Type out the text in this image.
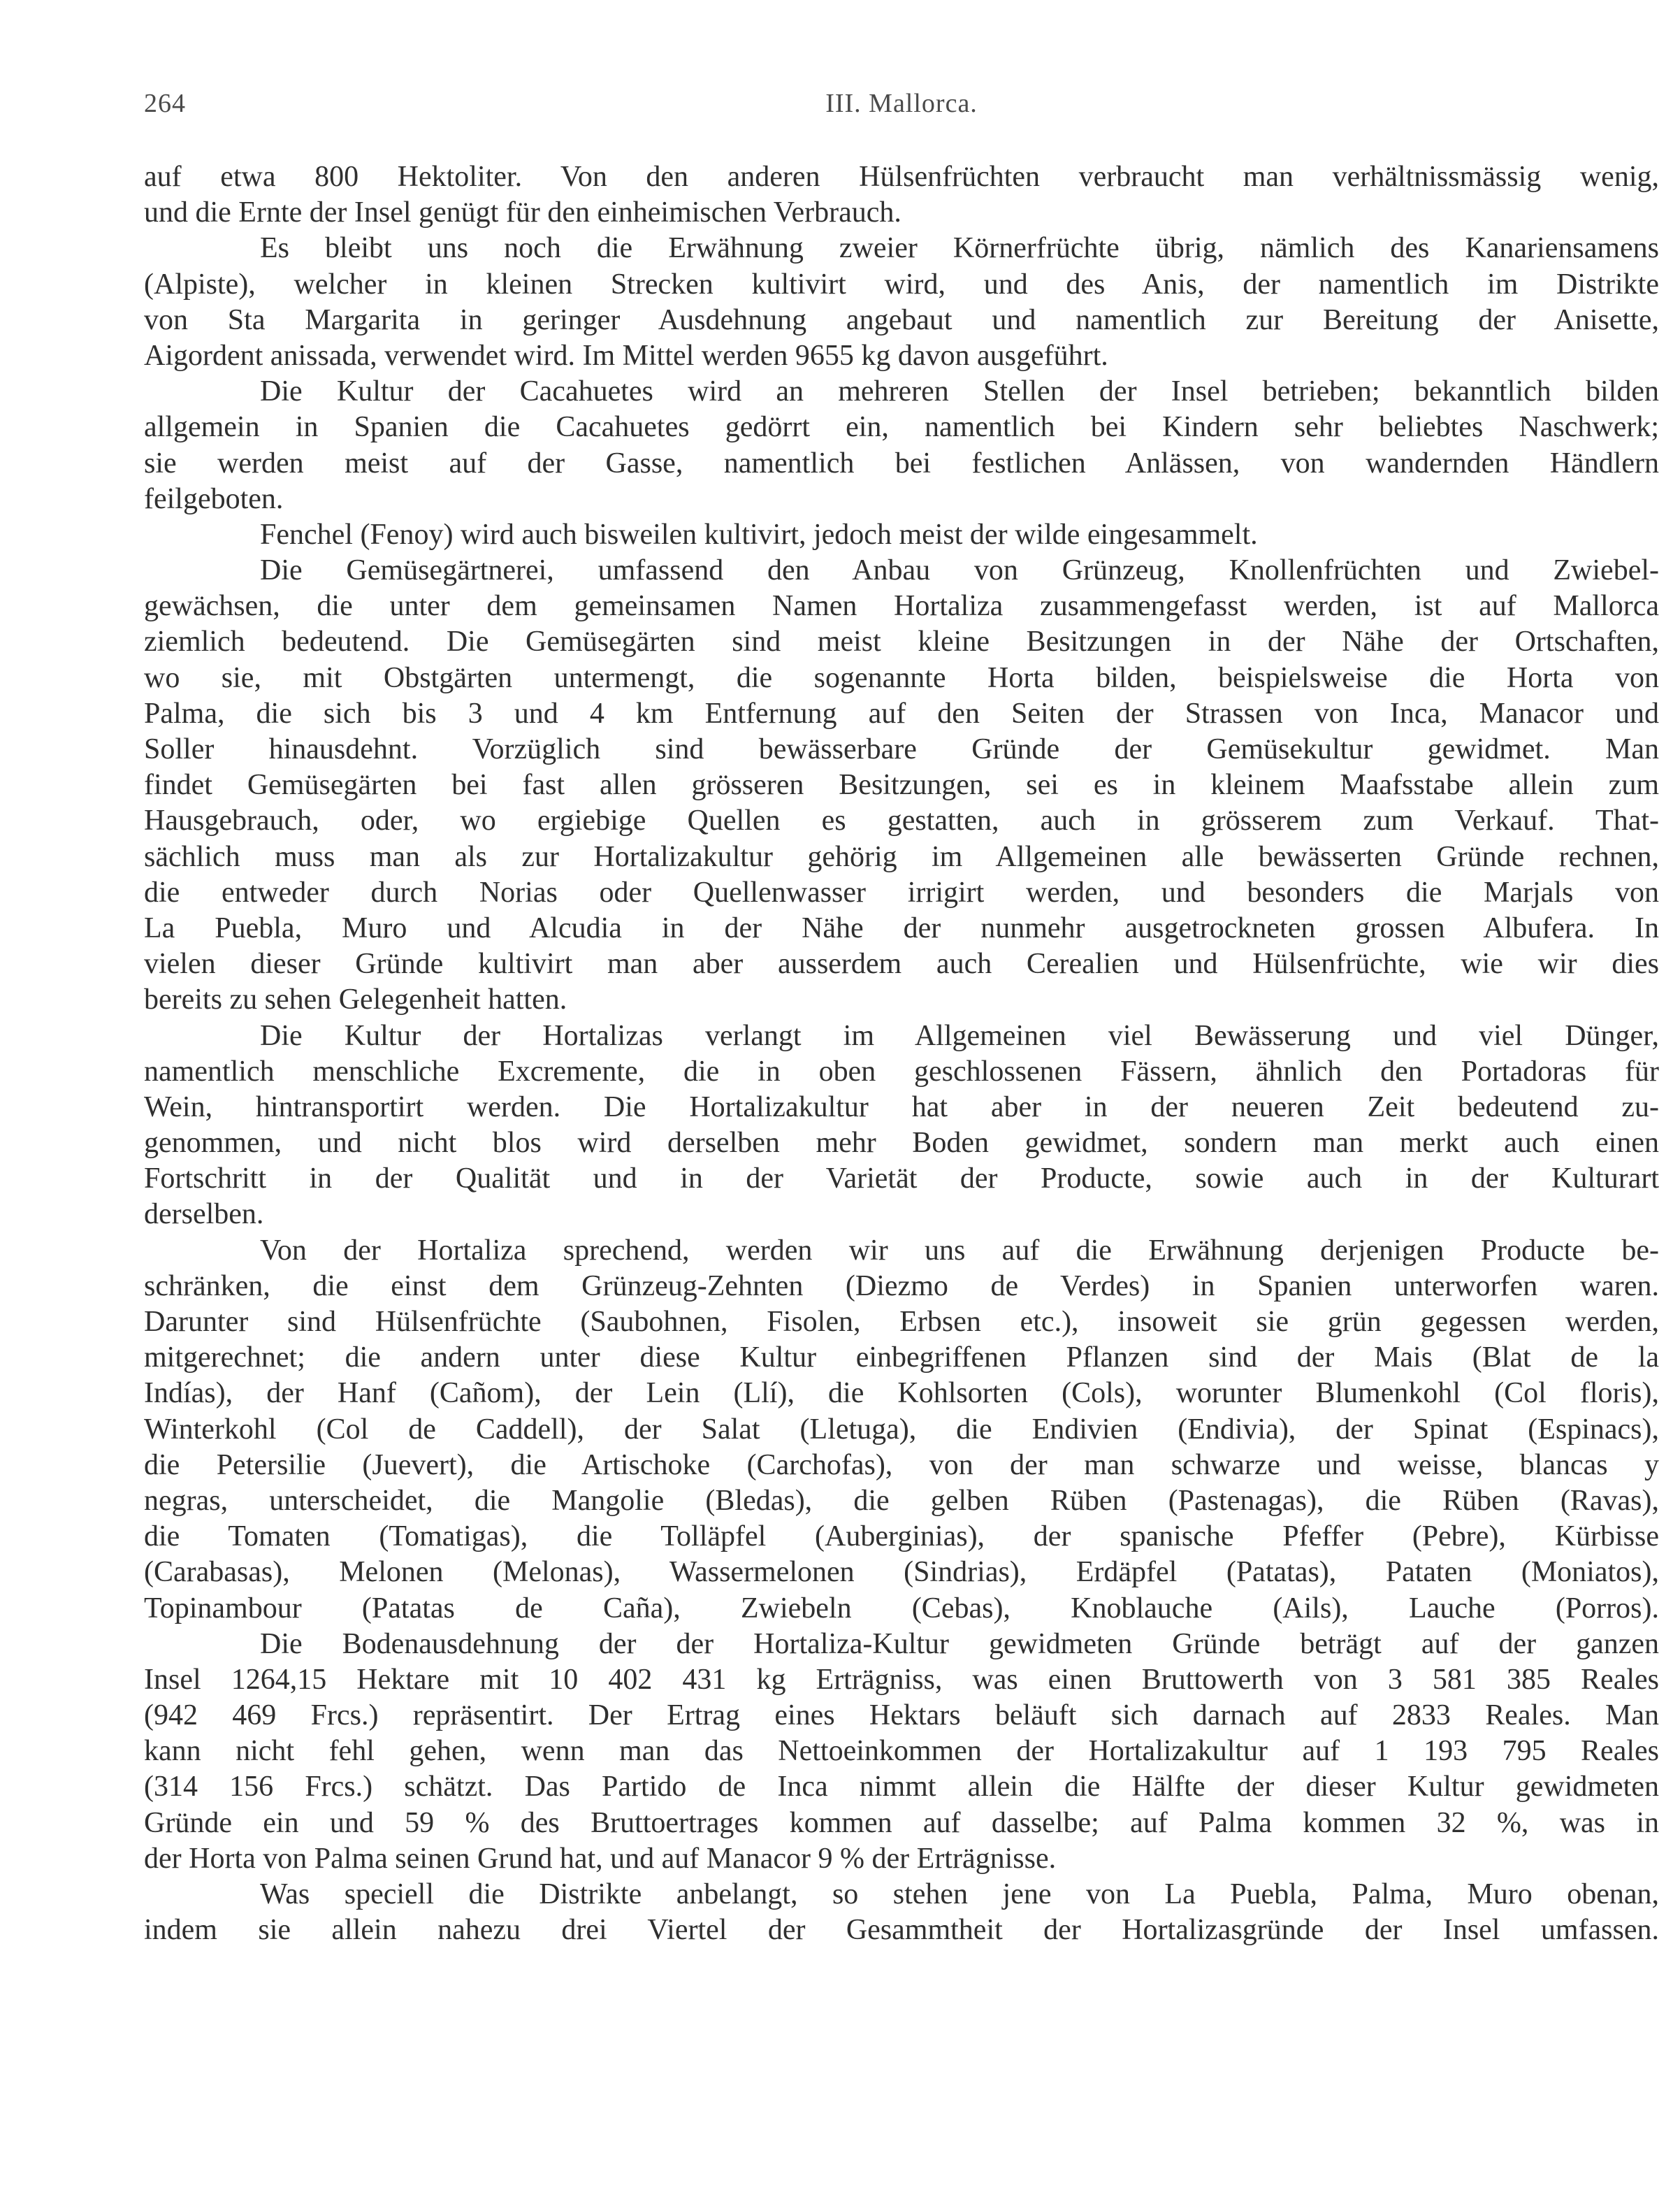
264	III. Mallorca.
auf etwa 800 Hektoliter. Von den anderen Hülsenfrüchten verbraucht man verhältnissmässig wenig,
und die Ernte der Insel genügt für den einheimischen Verbrauch.
Es bleibt uns noch die Erwähnung zweier Körnerfrüchte übrig, nämlich des Kanariensamens
(Alpiste), welcher in kleinen Strecken kultivirt wird, und des Anis, der namentlich im Distrikte
von Sta Margarita in geringer Ausdehnung angebaut und namentlich zur Bereitung der Anisette,
Aigordent anissada, verwendet wird. Im Mittel werden 9655 kg davon ausgeführt.
Die Kultur der Cacahuetes wird an mehreren Stellen der Insel betrieben; bekanntlich bilden
allgemein in Spanien die Cacahuetes gedörrt ein, namentlich bei Kindern sehr beliebtes Naschwerk;
sie werden meist auf der Gasse, namentlich bei festlichen Anlässen, von wandernden Händlern
feilgeboten.
Fenchel (Fenoy) wird auch bisweilen kultivirt, jedoch meist der wilde eingesammelt.
Die Gemüsegärtnerei, umfassend den Anbau von Grünzeug, Knollenfrüchten und Zwiebel-
gewächsen, die unter dem gemeinsamen Namen Hortaliza zusammengefasst werden, ist auf Mallorca
ziemlich bedeutend. Die Gemüsegärten sind meist kleine Besitzungen in der Nähe der Ortschaften,
wo sie, mit Obstgärten untermengt, die sogenannte Horta bilden, beispielsweise die Horta von
Palma, die sich bis 3 und 4 km Entfernung auf den Seiten der Strassen von Inca, Manacor und
Soller hinausdehnt. Vorzüglich sind bewässerbare Gründe der Gemüsekultur gewidmet. Man
findet Gemüsegärten bei fast allen grösseren Besitzungen, sei es in kleinem Maafsstabe allein zum
Hausgebrauch, oder, wo ergiebige Quellen es gestatten, auch in grösserem zum Verkauf. That-
sächlich muss man als zur Hortalizakultur gehörig im Allgemeinen alle bewässerten Gründe rechnen,
die entweder durch Norias oder Quellenwasser irrigirt werden, und besonders die Marjals von
La Puebla, Muro und Alcudia in der Nähe der nunmehr ausgetrockneten grossen Albufera. In
vielen dieser Gründe kultivirt man aber ausserdem auch Cerealien und Hülsenfrüchte, wie wir dies
bereits zu sehen Gelegenheit hatten.
Die Kultur der Hortalizas verlangt im Allgemeinen viel Bewässerung und viel Dünger,
namentlich menschliche Excremente, die in oben geschlossenen Fässern, ähnlich den Portadoras für
Wein, hintransportirt werden. Die Hortalizakultur hat aber in der neueren Zeit bedeutend zu-
genommen, und nicht blos wird derselben mehr Boden gewidmet, sondern man merkt auch einen
Fortschritt in der Qualität und in der Varietät der Producte, sowie auch in der Kulturart
derselben.
Von der Hortaliza sprechend, werden wir uns auf die Erwähnung derjenigen Producte be-
schränken, die einst dem Grünzeug-Zehnten (Diezmo de Verdes) in Spanien unterworfen waren.
Darunter sind Hülsenfrüchte (Saubohnen, Fisolen, Erbsen etc.), insoweit sie grün gegessen werden,
mitgerechnet; die andern unter diese Kultur einbegriffenen Pflanzen sind der Mais (Blat de la
Indías), der Hanf (Cañom), der Lein (Llí), die Kohlsorten (Cols), worunter Blumenkohl (Col floris),
Winterkohl (Col de Caddell), der Salat (Lletuga), die Endivien (Endivia), der Spinat (Espinacs),
die Petersilie (Juevert), die Artischoke (Carchofas), von der man schwarze und weisse, blancas y
negras, unterscheidet, die Mangolie (Bledas), die gelben Rüben (Pastenagas), die Rüben (Ravas),
die Tomaten (Tomatigas), die Tolläpfel (Auberginias), der spanische Pfeffer (Pebre), Kürbisse
(Carabasas), Melonen (Melonas), Wassermelonen (Sindrias), Erdäpfel (Patatas), Pataten (Moniatos),
Topinambour (Patatas de Caña), Zwiebeln (Cebas), Knoblauche (Ails), Lauche (Porros).
Die Bodenausdehnung der der Hortaliza-Kultur gewidmeten Gründe beträgt auf der ganzen
Insel 1264,15 Hektare mit 10 402 431 kg Erträgniss, was einen Bruttowerth von 3 581 385 Reales
(942 469 Frcs.) repräsentirt. Der Ertrag eines Hektars beläuft sich darnach auf 2833 Reales. Man
kann nicht fehl gehen, wenn man das Nettoeinkommen der Hortalizakultur auf 1 193 795 Reales
(314 156 Frcs.) schätzt. Das Partido de Inca nimmt allein die Hälfte der dieser Kultur gewidmeten
Gründe ein und 59 % des Bruttoertrages kommen auf dasselbe; auf Palma kommen 32 %, was in
der Horta von Palma seinen Grund hat, und auf Manacor 9 % der Erträgnisse.
Was speciell die Distrikte anbelangt, so stehen jene von La Puebla, Palma, Muro obenan,
indem sie allein nahezu drei Viertel der Gesammtheit der Hortalizasgründe der Insel umfassen.
